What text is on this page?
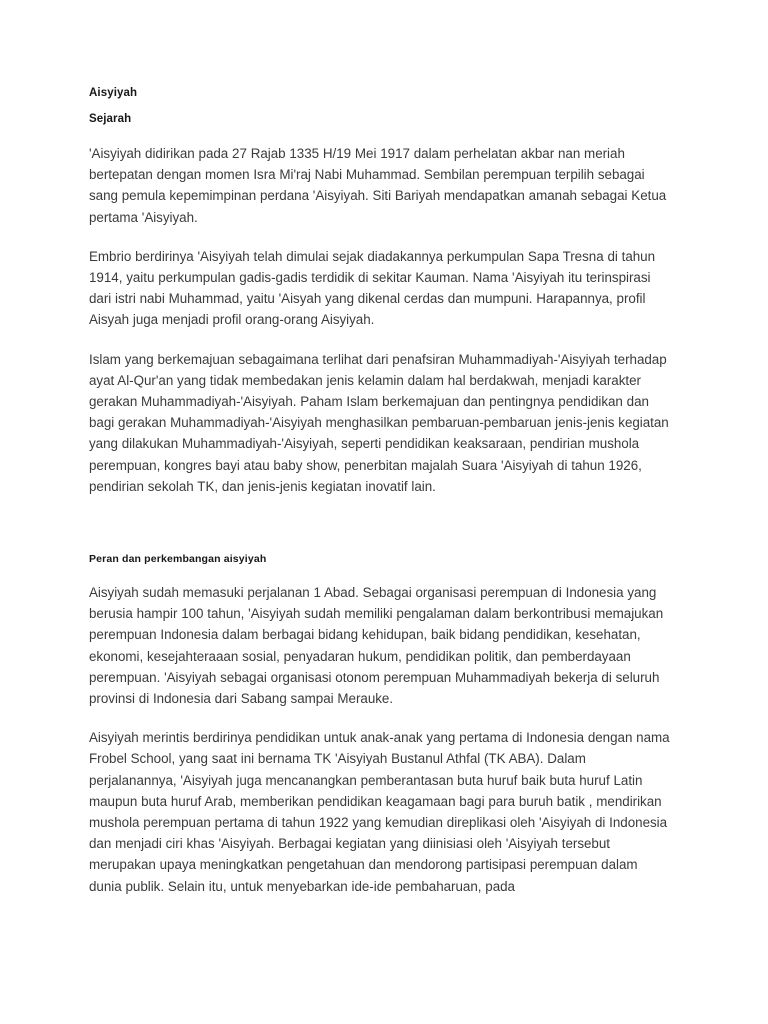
Aisyiyah
Sejarah

'Aisyiyah didirikan pada 27 Rajab 1335 H/19 Mei 1917 dalam perhelatan akbar nan meriah bertepatan dengan momen Isra Mi'raj Nabi Muhammad. Sembilan perempuan terpilih sebagai sang pemula kepemimpinan perdana 'Aisyiyah. Siti Bariyah mendapatkan amanah sebagai Ketua pertama 'Aisyiyah.

Embrio berdirinya 'Aisyiyah telah dimulai sejak diadakannya perkumpulan Sapa Tresna di tahun 1914, yaitu perkumpulan gadis-gadis terdidik di sekitar Kauman. Nama 'Aisyiyah itu terinspirasi dari istri nabi Muhammad, yaitu 'Aisyah yang dikenal cerdas dan mumpuni. Harapannya, profil Aisyah juga menjadi profil orang-orang Aisyiyah.

Islam yang berkemajuan sebagaimana terlihat dari penafsiran Muhammadiyah-'Aisyiyah terhadap ayat Al-Qur'an yang tidak membedakan jenis kelamin dalam hal berdakwah, menjadi karakter gerakan Muhammadiyah-'Aisyiyah. Paham Islam berkemajuan dan pentingnya pendidikan dan bagi gerakan Muhammadiyah-'Aisyiyah menghasilkan pembaruan-pembaruan jenis-jenis kegiatan yang dilakukan Muhammadiyah-'Aisyiyah, seperti pendidikan keaksaraan, pendirian mushola perempuan, kongres bayi atau baby show, penerbitan majalah Suara 'Aisyiyah di tahun 1926, pendirian sekolah TK, dan jenis-jenis kegiatan inovatif lain.

Peran dan perkembangan aisyiyah

Aisyiyah sudah memasuki perjalanan 1 Abad. Sebagai organisasi perempuan di Indonesia yang berusia hampir 100 tahun, 'Aisyiyah sudah memiliki pengalaman dalam berkontribusi memajukan perempuan Indonesia dalam berbagai bidang kehidupan, baik bidang pendidikan, kesehatan, ekonomi, kesejahteraaan sosial, penyadaran hukum, pendidikan politik, dan pemberdayaan perempuan. 'Aisyiyah sebagai organisasi otonom perempuan Muhammadiyah bekerja di seluruh provinsi di Indonesia dari Sabang sampai Merauke.

Aisyiyah merintis berdirinya pendidikan untuk anak-anak yang pertama di Indonesia dengan nama Frobel School, yang saat ini bernama TK 'Aisyiyah Bustanul Athfal (TK ABA). Dalam perjalanannya, 'Aisyiyah juga mencanangkan pemberantasan buta huruf baik buta huruf Latin maupun buta huruf Arab, memberikan pendidikan keagamaan bagi para buruh batik , mendirikan mushola perempuan pertama di tahun 1922 yang kemudian direplikasi oleh 'Aisyiyah di Indonesia dan menjadi ciri khas 'Aisyiyah. Berbagai kegiatan yang diinisiasi oleh 'Aisyiyah tersebut merupakan upaya meningkatkan pengetahuan dan mendorong partisipasi perempuan dalam dunia publik. Selain itu, untuk menyebarkan ide-ide pembaharuan, pada
